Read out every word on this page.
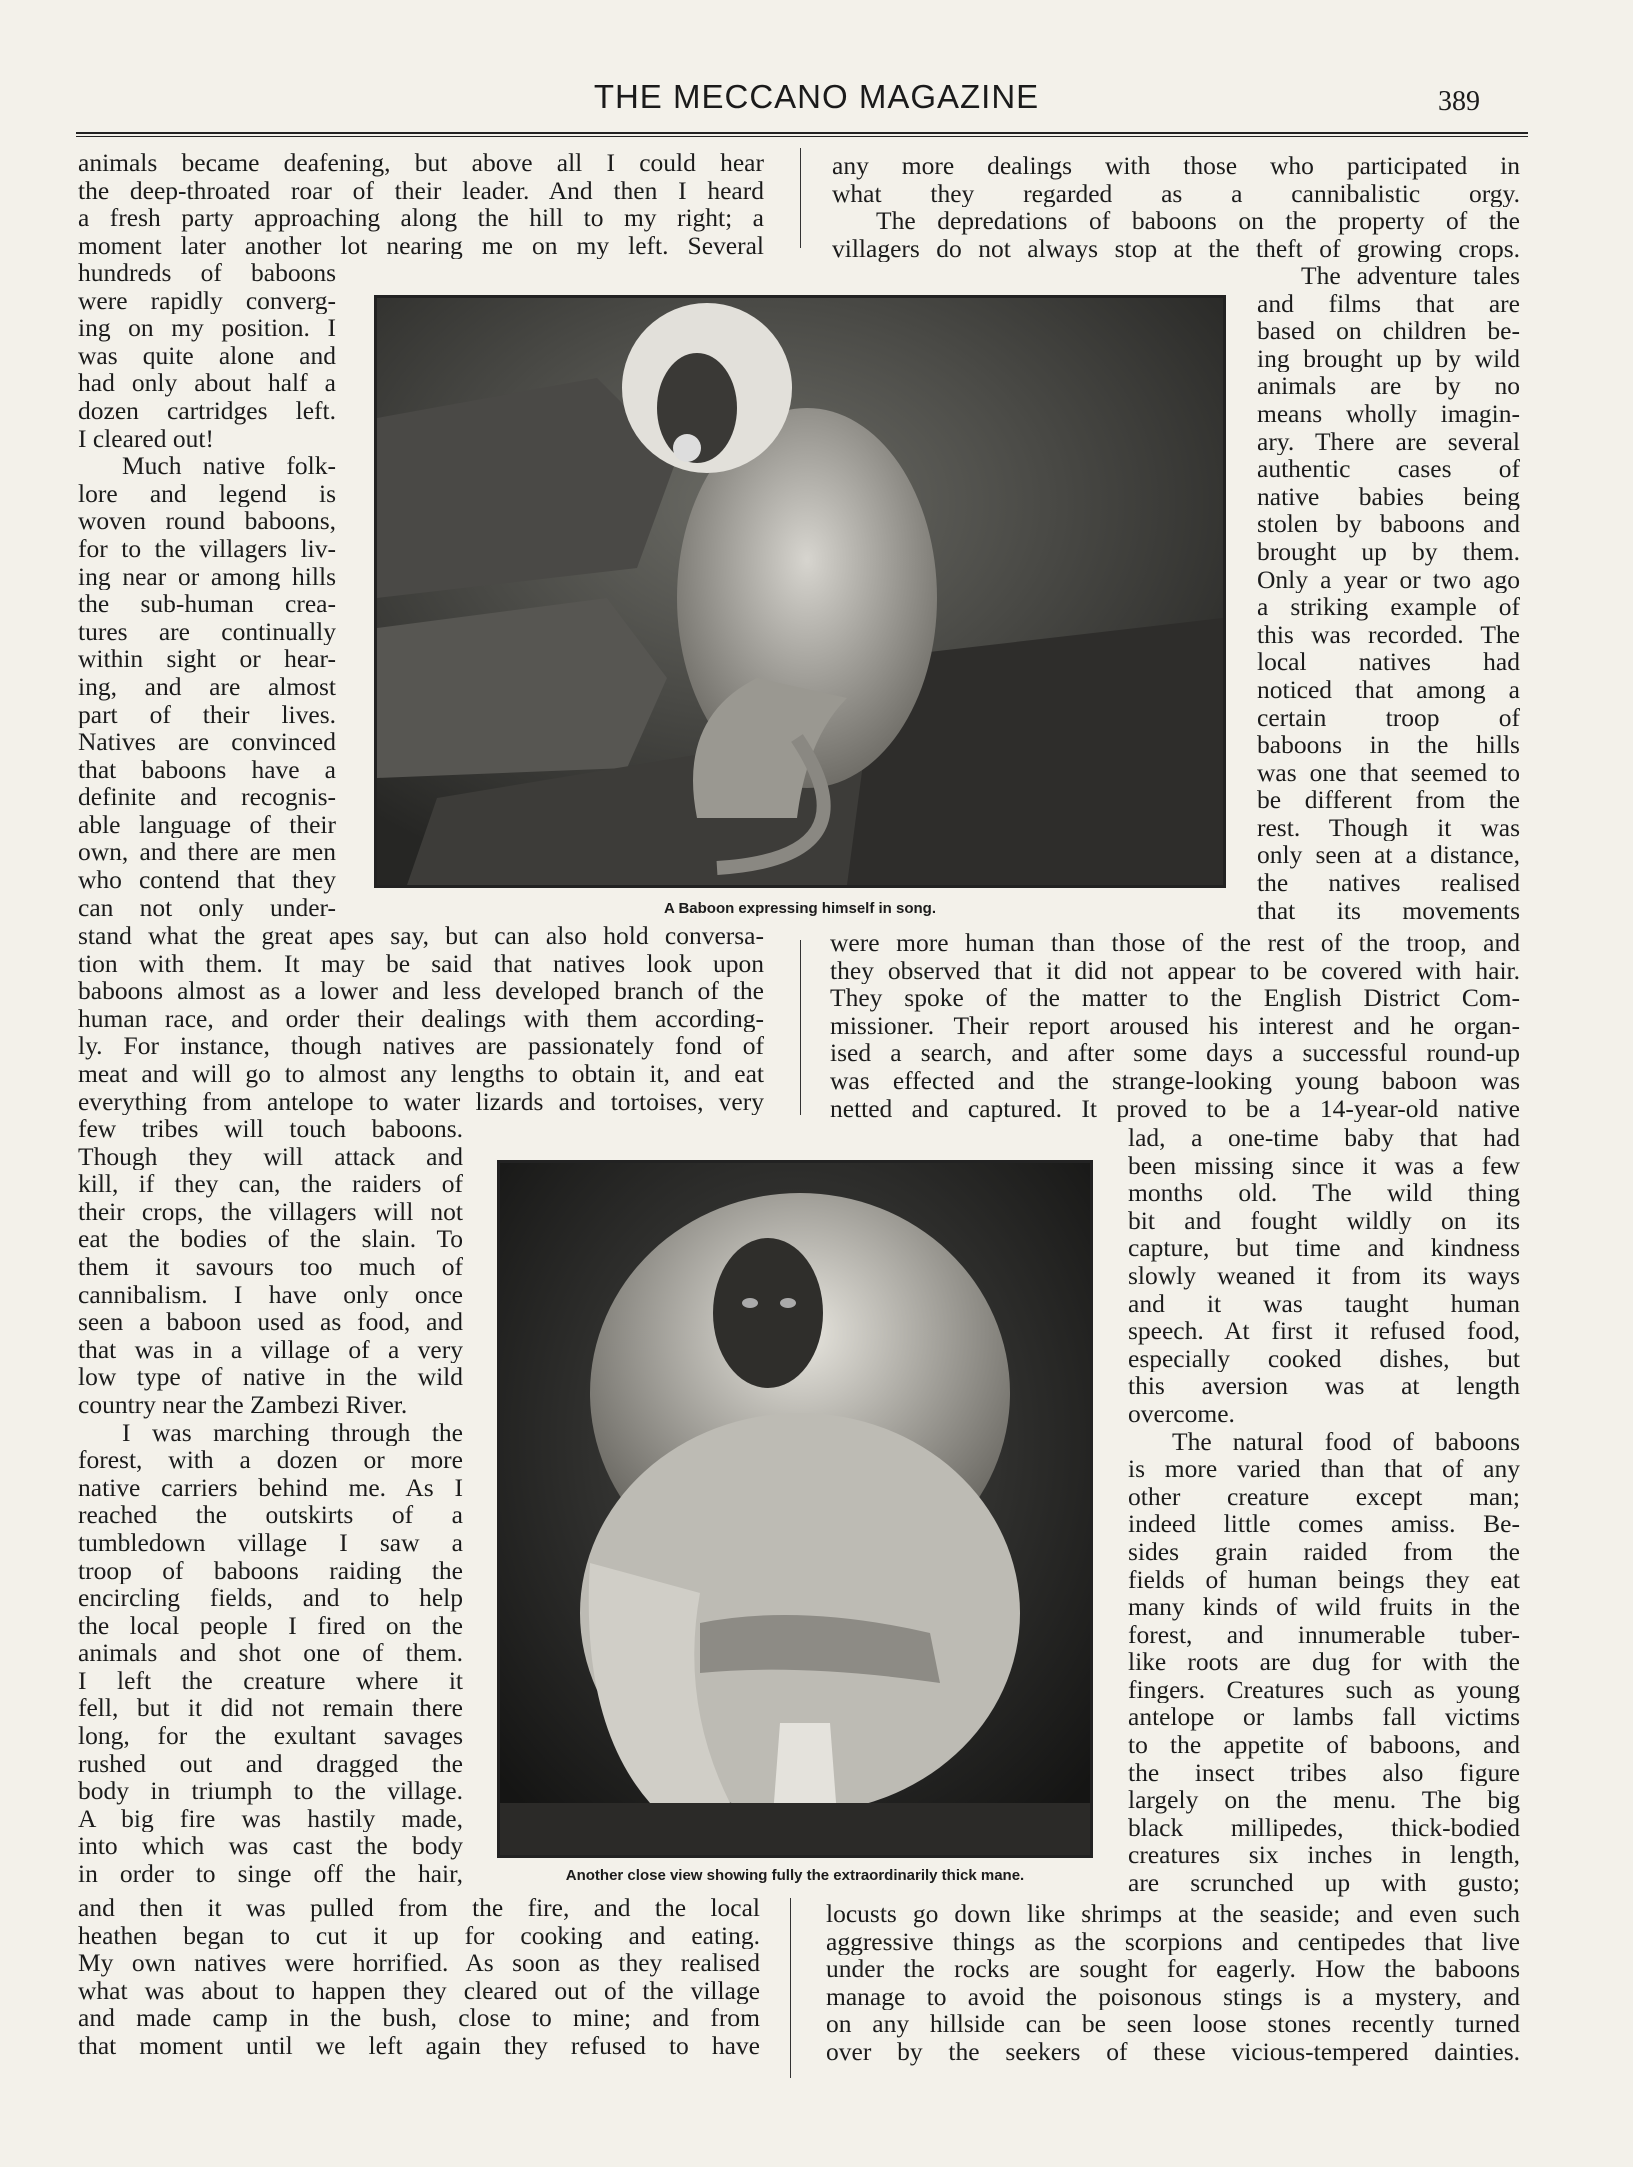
THE MECCANO MAGAZINE	389
animals became deafening, but above all I could hear
the deep-throated roar of their leader. And then I heard
a fresh party approaching along the hill to my right; a
moment later another lot nearing me on my left. Several
hundreds of baboons
were rapidly converg-
ing on my position. I
was quite alone and
had only about half a
dozen cartridges left.
I cleared out!
Much native folk-
lore and legend is
woven round baboons,
for to the villagers liv-
ing near or among hills
the sub-human crea-
tures are continually
within sight or hear-
ing, and are almost
part of their lives.
Natives are convinced
that baboons have a
definite and recognis-
able language of their
own, and there are men
who contend that they
can not only under-
stand what the great apes say, but can also hold conversa-
tion with them. It may be said that natives look upon
baboons almost as a lower and less developed branch of the
human race, and order their dealings with them according-
ly. For instance, though natives are passionately fond of
meat and will go to almost any lengths to obtain it, and eat
everything from antelope to water lizards and tortoises, very
few tribes will touch baboons.
Though they will attack and
kill, if they can, the raiders of
their crops, the villagers will not
eat the bodies of the slain. To
them it savours too much of
cannibalism. I have only once
seen a baboon used as food, and
that was in a village of a very
low type of native in the wild
country near the Zambezi River.
I was marching through the
forest, with a dozen or more
native carriers behind me. As I
reached the outskirts of a
tumbledown village I saw a
troop of baboons raiding the
encircling fields, and to help
the local people I fired on the
animals and shot one of them.
I left the creature where it
fell, but it did not remain there
long, for the exultant savages
rushed out and dragged the
body in triumph to the village.
A big fire was hastily made,
into which was cast the body
in order to singe off the hair,
and then it was pulled from the fire, and the local
heathen began to cut it up for cooking and eating.
My own natives were horrified. As soon as they realised
what was about to happen they cleared out of the village
and made camp in the bush, close to mine; and from
that moment until we left again they refused to have
any more dealings with those who participated in
what they regarded as a cannibalistic orgy.
The depredations of baboons on the property of the
villagers do not always stop at the theft of growing crops.
The adventure tales
and films that are
based on children be-
ing brought up by wild
animals are by no
means wholly imagin-
ary. There are several
authentic cases of
native babies being
stolen by baboons and
brought up by them.
Only a year or two ago
a striking example of
this was recorded. The
local natives had
noticed that among a
certain troop of
baboons in the hills
was one that seemed to
be different from the
rest. Though it was
only seen at a distance,
the natives realised
that its movements
were more human than those of the rest of the troop, and
they observed that it did not appear to be covered with hair.
They spoke of the matter to the English District Com-
missioner. Their report aroused his interest and he organ-
ised a search, and after some days a successful round-up
was effected and the strange-looking young baboon was
netted and captured. It proved to be a 14-year-old native
lad, a one-time baby that had
been missing since it was a few
months old. The wild thing
bit and fought wildly on its
capture, but time and kindness
slowly weaned it from its ways
and it was taught human
speech. At first it refused food,
especially cooked dishes, but
this aversion was at length
overcome.
The natural food of baboons
is more varied than that of any
other creature except man;
indeed little comes amiss. Be-
sides grain raided from the
fields of human beings they eat
many kinds of wild fruits in the
forest, and innumerable tuber-
like roots are dug for with the
fingers. Creatures such as young
antelope or lambs fall victims
to the appetite of baboons, and
the insect tribes also figure
largely on the menu. The big
black millipedes, thick-bodied
creatures six inches in length,
are scrunched up with gusto;
locusts go down like shrimps at the seaside; and even such
aggressive things as the scorpions and centipedes that live
under the rocks are sought for eagerly. How the baboons
manage to avoid the poisonous stings is a mystery, and
on any hillside can be seen loose stones recently turned
over by the seekers of these vicious-tempered dainties.
A Baboon expressing himself in song.
Another close view showing fully the extraordinarily thick mane.
